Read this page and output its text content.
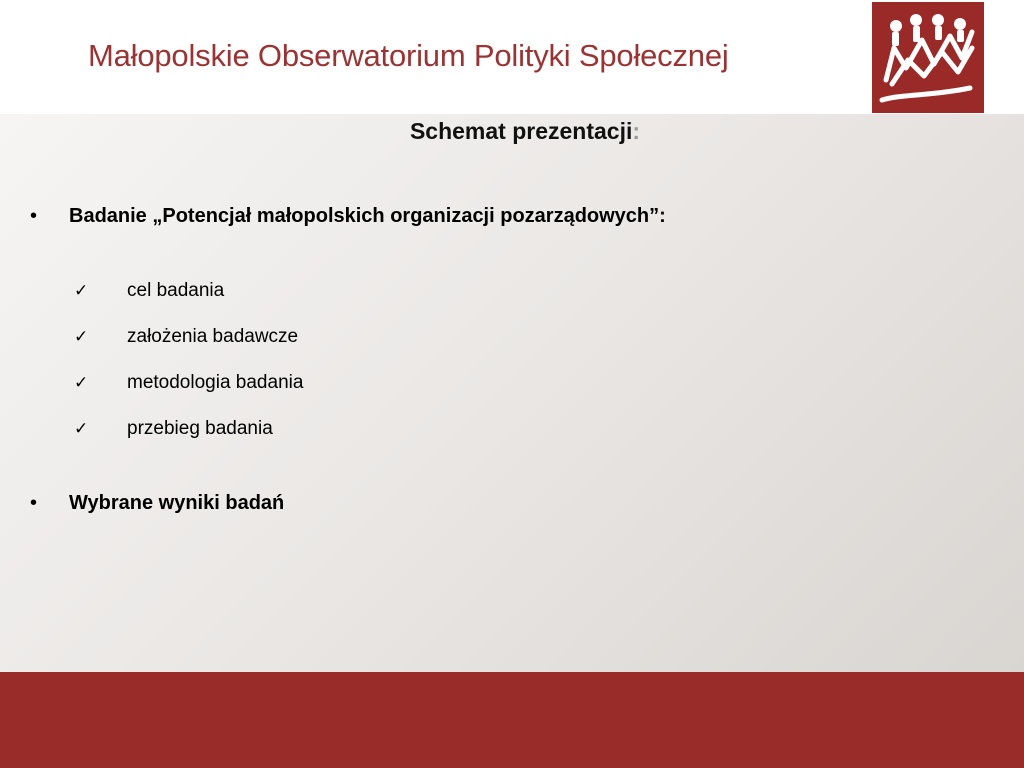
Małopolskie Obserwatorium Polityki Społecznej
Schemat prezentacji:
• Badanie „Potencjał małopolskich organizacji pozarządowych”:
✓ cel badania
✓ założenia badawcze
✓ metodologia badania
✓ przebieg badania
• Wybrane wyniki badań
